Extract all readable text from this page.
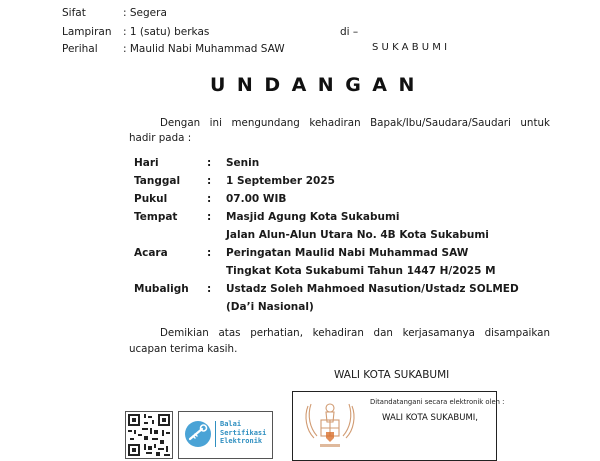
Sifat	: Segera
Lampiran : 1 (satu) berkas
Perihal : Maulid Nabi Muhammad SAW
di –
SUKABUMI
UNDANGAN
Dengan ini mengundang kehadiran Bapak/Ibu/Saudara/Saudari untuk
hadir pada :
Hari	: Senin
Tanggal	: 1 September 2025
Pukul	: 07.00 WIB
Tempat	: Masjid Agung Kota Sukabumi
Jalan Alun-Alun Utara No. 4B Kota Sukabumi
Acara	: Peringatan Maulid Nabi Muhammad SAW
Tingkat Kota Sukabumi Tahun 1447 H/2025 M
Mubaligh : Ustadz Soleh Mahmoed Nasution/Ustadz SOLMED
(Da’i Nasional)
Demikian atas perhatian, kehadiran dan kerjasamanya disampaikan
ucapan terima kasih.
WALI KOTA SUKABUMI
Ditandatangani secara elektronik oleh :
WALI KOTA SUKABUMI,
Balai
Sertifikasi
Elektronik
